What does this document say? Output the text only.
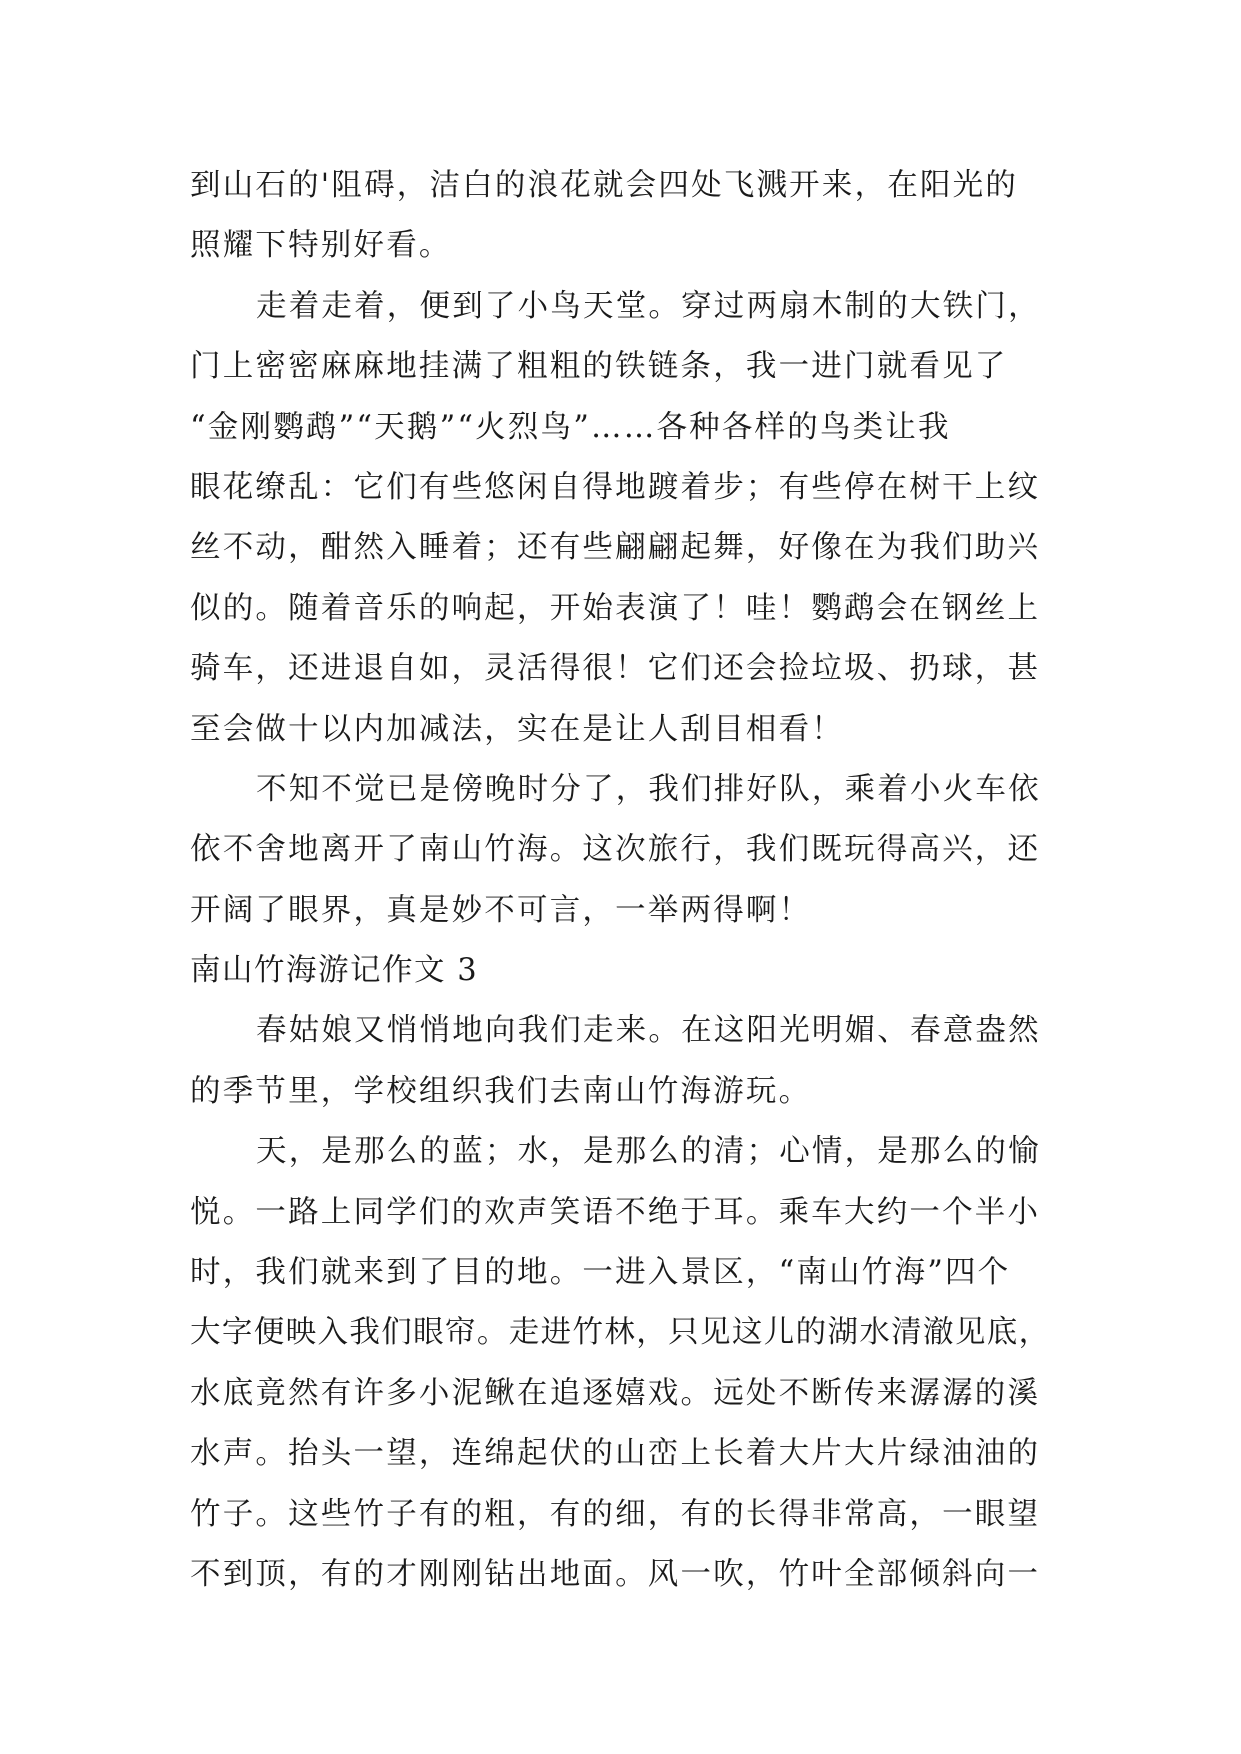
到山石的'阻碍，洁白的浪花就会四处飞溅开来，在阳光的
照耀下特别好看。
走着走着，便到了小鸟天堂。穿过两扇木制的大铁门，
门上密密麻麻地挂满了粗粗的铁链条，我一进门就看见了
“金刚鹦鹉”“天鹅”“火烈鸟”……各种各样的鸟类让我
眼花缭乱：它们有些悠闲自得地踱着步；有些停在树干上纹
丝不动，酣然入睡着；还有些翩翩起舞，好像在为我们助兴
似的。随着音乐的响起，开始表演了！哇！鹦鹉会在钢丝上
骑车，还进退自如，灵活得很！它们还会捡垃圾、扔球，甚
至会做十以内加减法，实在是让人刮目相看！
不知不觉已是傍晚时分了，我们排好队，乘着小火车依
依不舍地离开了南山竹海。这次旅行，我们既玩得高兴，还
开阔了眼界，真是妙不可言，一举两得啊！
南山竹海游记作文 3
春姑娘又悄悄地向我们走来。在这阳光明媚、春意盎然
的季节里，学校组织我们去南山竹海游玩。
天，是那么的蓝；水，是那么的清；心情，是那么的愉
悦。一路上同学们的欢声笑语不绝于耳。乘车大约一个半小
时，我们就来到了目的地。一进入景区，“南山竹海”四个
大字便映入我们眼帘。走进竹林，只见这儿的湖水清澈见底，
水底竟然有许多小泥鳅在追逐嬉戏。远处不断传来潺潺的溪
水声。抬头一望，连绵起伏的山峦上长着大片大片绿油油的
竹子。这些竹子有的粗，有的细，有的长得非常高，一眼望
不到顶，有的才刚刚钻出地面。风一吹，竹叶全部倾斜向一
